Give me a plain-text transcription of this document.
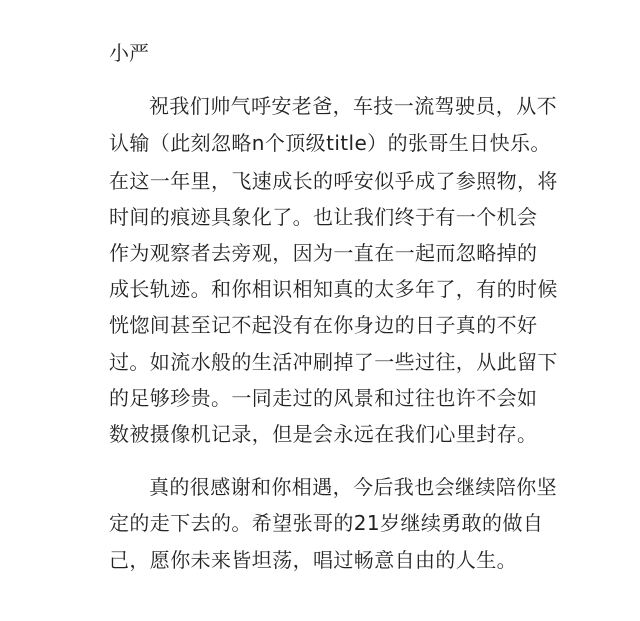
小严

祝我们帅气呼安老爸，车技一流驾驶员，从不

认输（此刻忽略n个顶级title）的张哥生日快乐。

在这一年里，飞速成长的呼安似乎成了参照物，将

时间的痕迹具象化了。也让我们终于有一个机会

作为观察者去旁观，因为一直在一起而忽略掉的

成长轨迹。和你相识相知真的太多年了，有的时候

恍惚间甚至记不起没有在你身边的日子真的不好

过。如流水般的生活冲刷掉了一些过往，从此留下

的足够珍贵。一同走过的风景和过往也许不会如

数被摄像机记录，但是会永远在我们心里封存。

真的很感谢和你相遇，今后我也会继续陪你坚

定的走下去的。希望张哥的21岁继续勇敢的做自

己，愿你未来皆坦荡，唱过畅意自由的人生。
